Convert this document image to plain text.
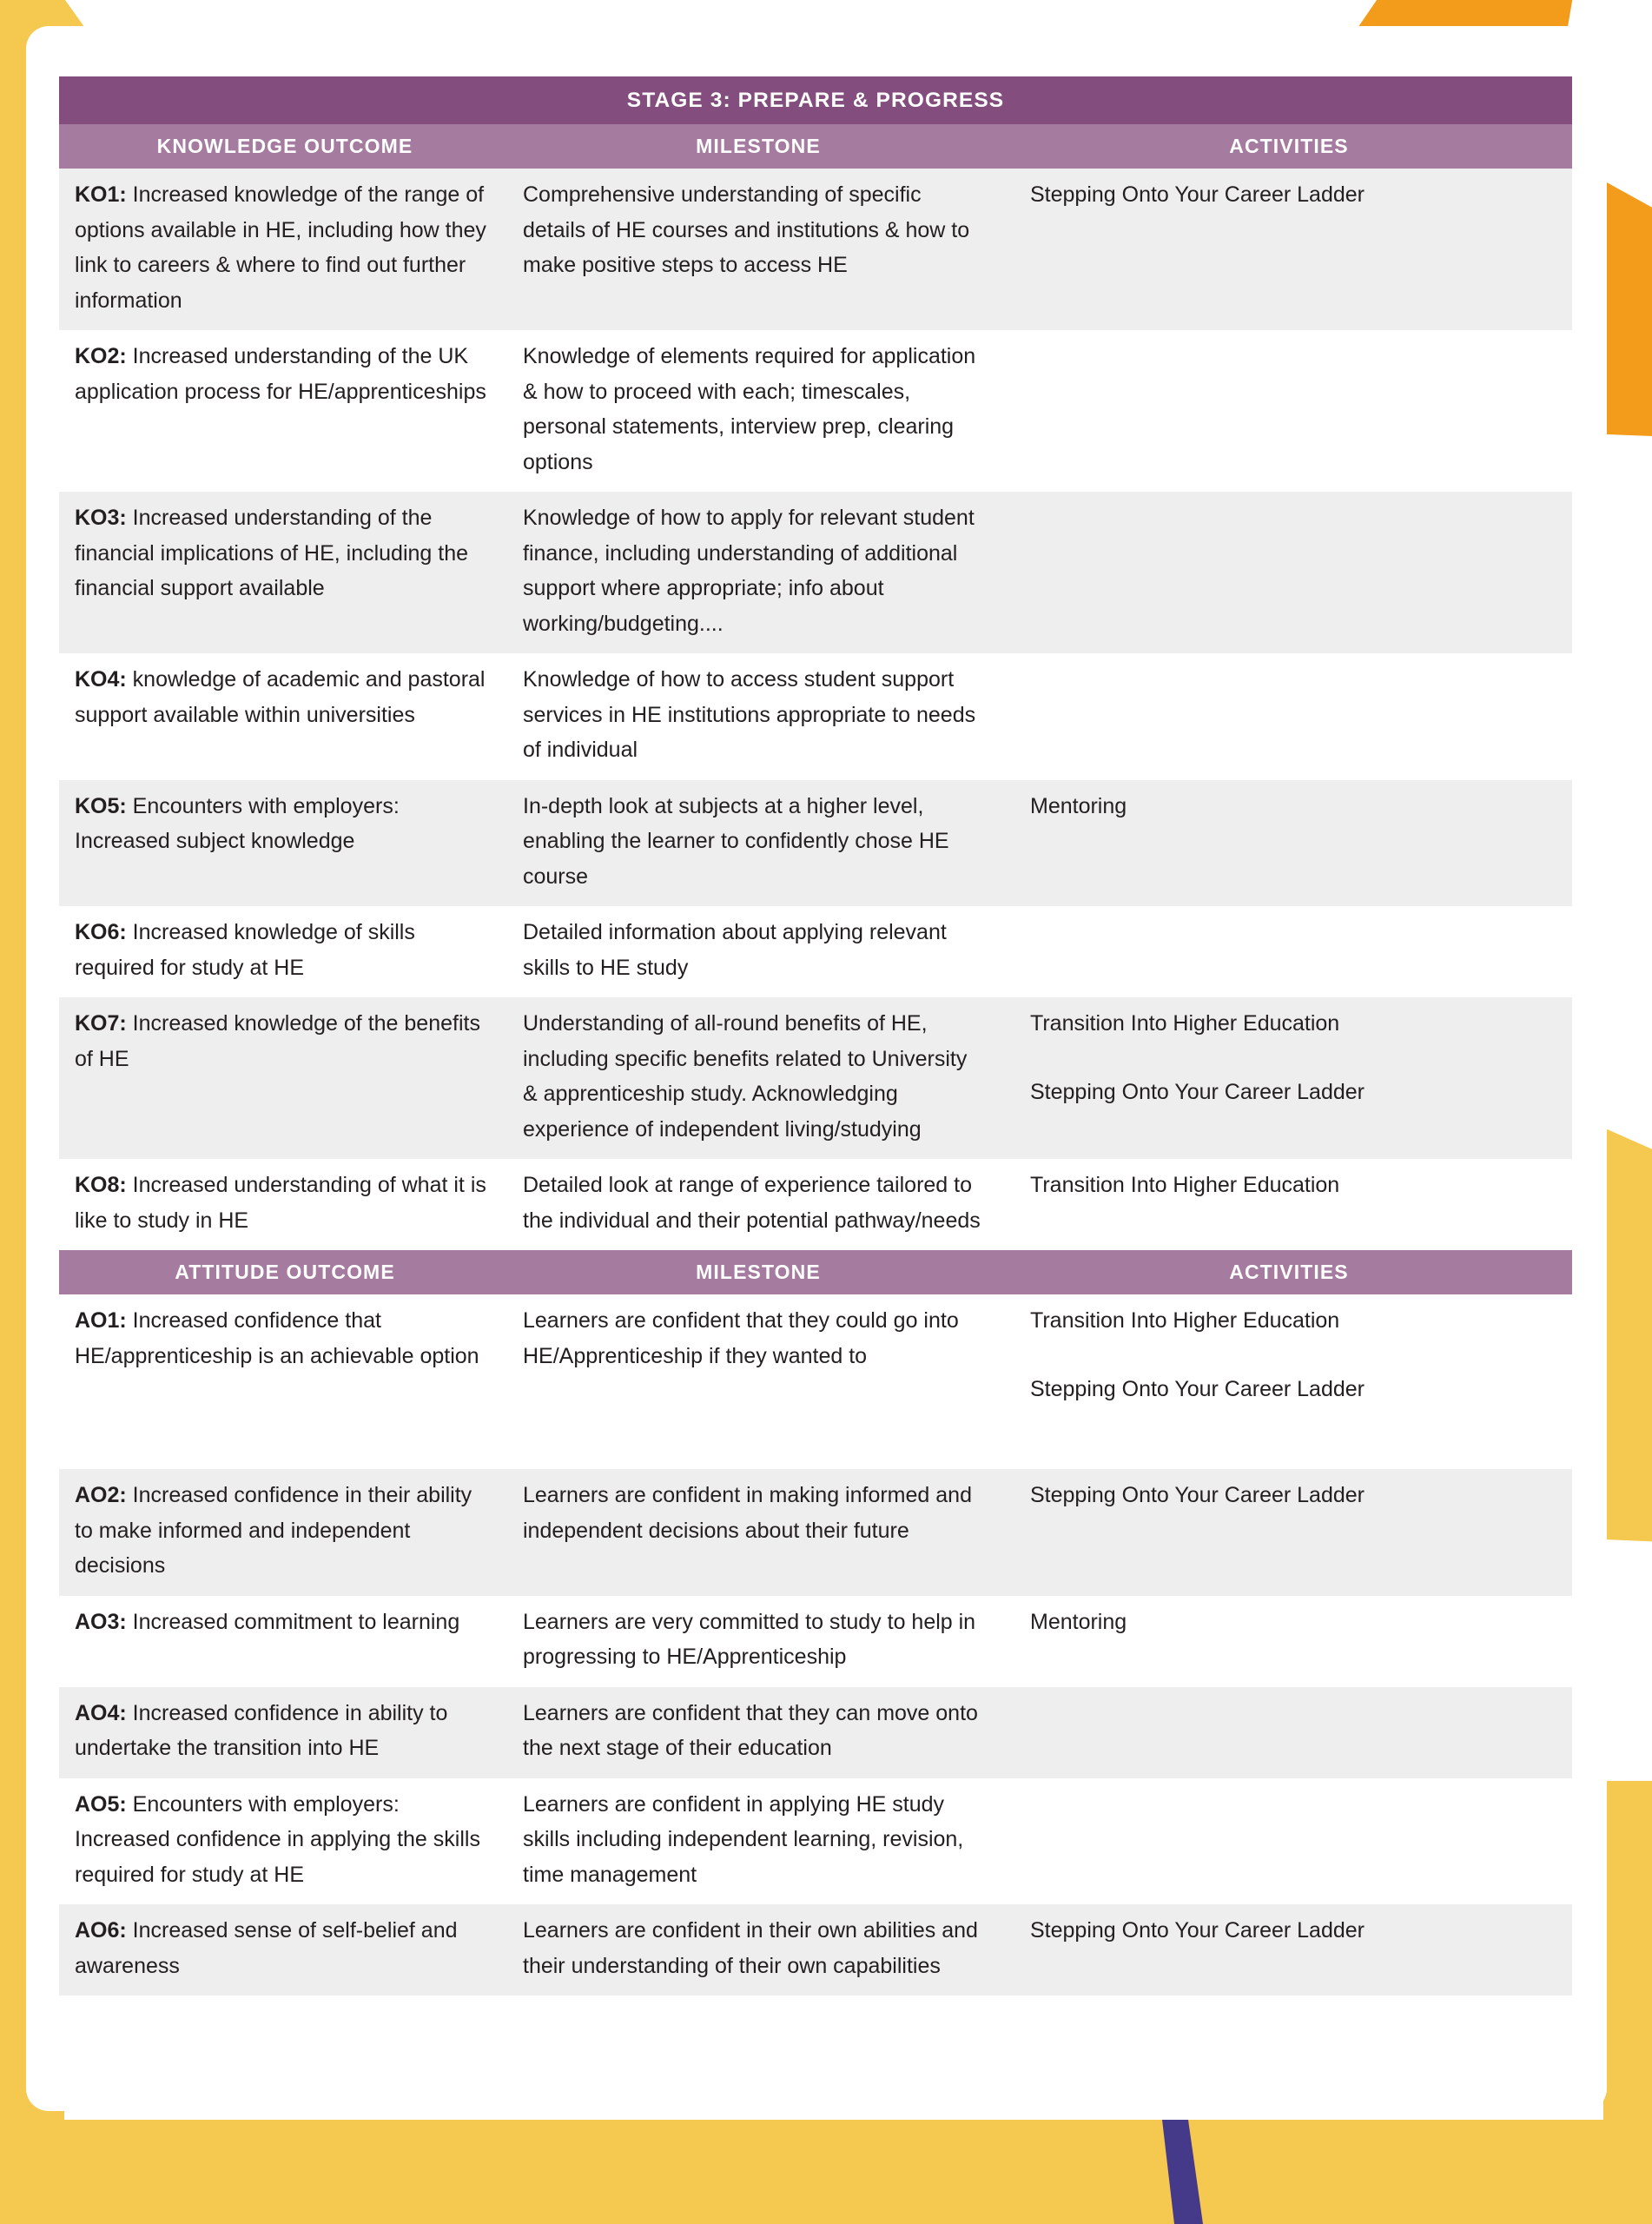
STAGE 3: PREPARE & PROGRESS		
KNOWLEDGE OUTCOME	MILESTONE	ACTIVITIES
KO1: Increased knowledge of the range of options available in HE, including how they link to careers & where to find out further information	Comprehensive understanding of specific details of HE courses and institutions & how to make positive steps to access HE	Stepping Onto Your Career Ladder

KO2: Increased understanding of the UK application process for HE/apprenticeships	Knowledge of elements required for application & how to proceed with each; timescales, personal statements, interview prep, clearing options	
KO3: Increased understanding of the financial implications of HE, including the financial support available	Knowledge of how to apply for relevant student finance, including understanding of additional support where appropriate; info about working/budgeting....	
KO4: knowledge of academic and pastoral support available within universities	Knowledge of how to access student support services in HE institutions appropriate to needs of individual	
KO5: Encounters with employers: Increased subject knowledge	In-depth look at subjects at a higher level, enabling the learner to confidently chose HE course	Mentoring

KO6: Increased knowledge of skills required for study at HE	Detailed information about applying relevant skills to HE study	
KO7: Increased knowledge of the benefits of HE	Understanding of all-round benefits of HE, including specific benefits related to University & apprenticeship study. Acknowledging experience of independent living/studying	Transition Into Higher Education
Stepping Onto Your Career Ladder

KO8: Increased understanding of what it is like to study in HE	Detailed look at range of experience tailored to the individual and their potential pathway/needs	Transition Into Higher Education

ATTITUDE OUTCOME	MILESTONE	ACTIVITIES
AO1: Increased confidence that HE/apprenticeship is an achievable option	Learners are confident that they could go into HE/Apprenticeship if they wanted to	Transition Into Higher Education
Stepping Onto Your Career Ladder

AO2: Increased confidence in their ability to make informed and independent decisions	Learners are confident in making informed and independent decisions about their future	Stepping Onto Your Career Ladder

AO3: Increased commitment to learning	Learners are very committed to study to help in progressing to HE/Apprenticeship	Mentoring

AO4: Increased confidence in ability to undertake the transition into HE	Learners are confident that they can move onto the next stage of their education	
AO5: Encounters with employers: Increased confidence in applying the skills required for study at HE	Learners are confident in applying HE study skills including independent learning, revision, time management	
AO6: Increased sense of self-belief and awareness	Learners are confident in their own abilities and their understanding of their own capabilities	Stepping Onto Your Career Ladder
